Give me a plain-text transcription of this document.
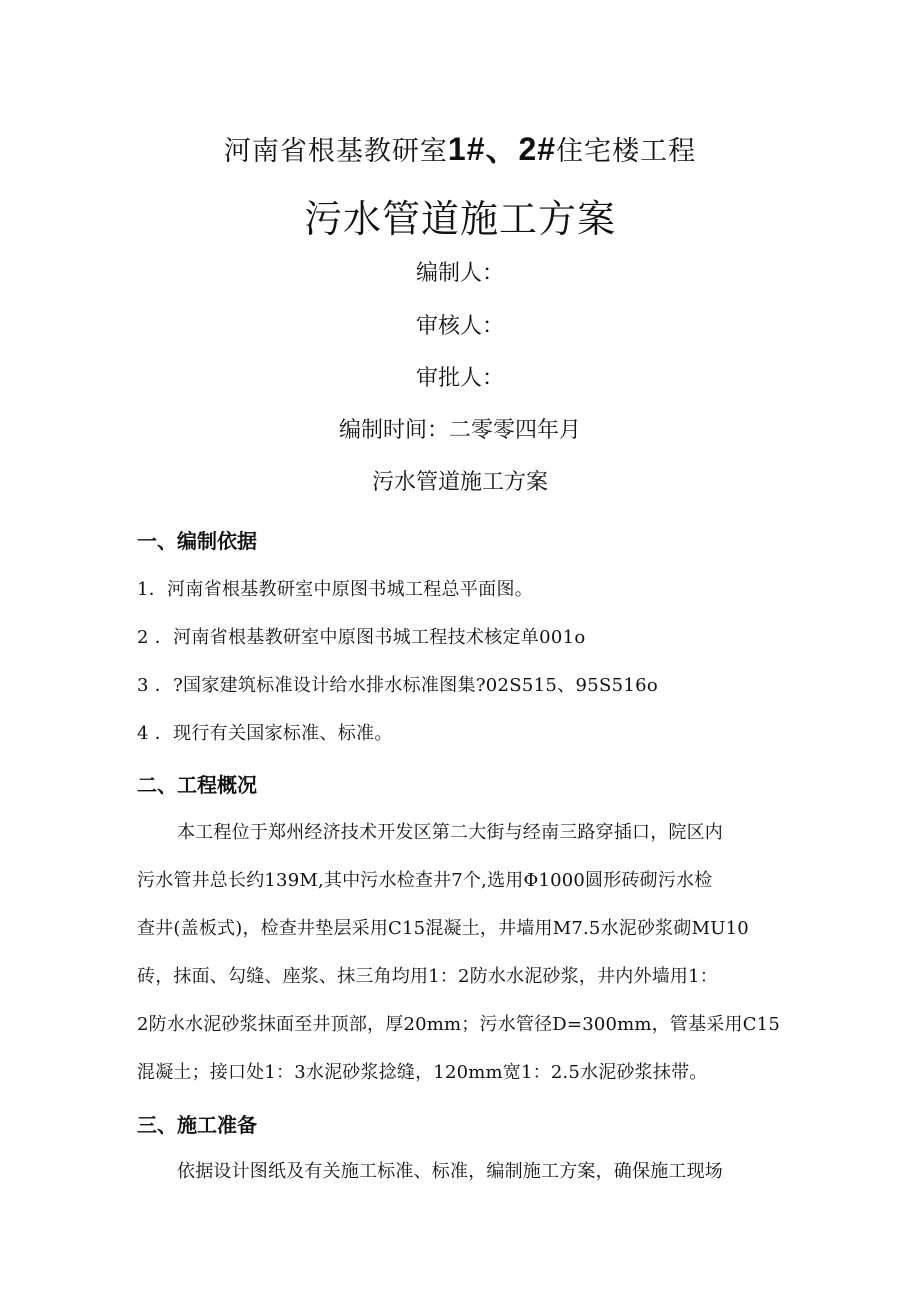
河南省根基教研室1#、2#住宅楼工程
污水管道施工方案
编制人：
审核人：
审批人：
编制时间：二零零四年月
污水管道施工方案
一、编制依据
1．河南省根基教研室中原图书城工程总平面图。
2 ．河南省根基教研室中原图书城工程技术核定单001o
3 ．?国家建筑标准设计给水排水标准图集?02S515、95S516o
4 ．现行有关国家标准、标准。
二、工程概况
本工程位于郑州经济技术开发区第二大街与经南三路穿插口，院区内
污水管井总长约139M,其中污水检查井7个,选用Φ1000圆形砖砌污水检
查井(盖板式)，检查井垫层采用C15混凝土，井墙用M7.5水泥砂浆砌MU10
砖，抹面、勾缝、座浆、抹三角均用1：2防水水泥砂浆，井内外墙用1：
2防水水泥砂浆抹面至井顶部，厚20mm；污水管径D=300mm，管基采用C15
混凝土；接口处1：3水泥砂浆捻缝，120mm宽1：2.5水泥砂浆抹带。
三、施工准备
依据设计图纸及有关施工标准、标准，编制施工方案，确保施工现场
